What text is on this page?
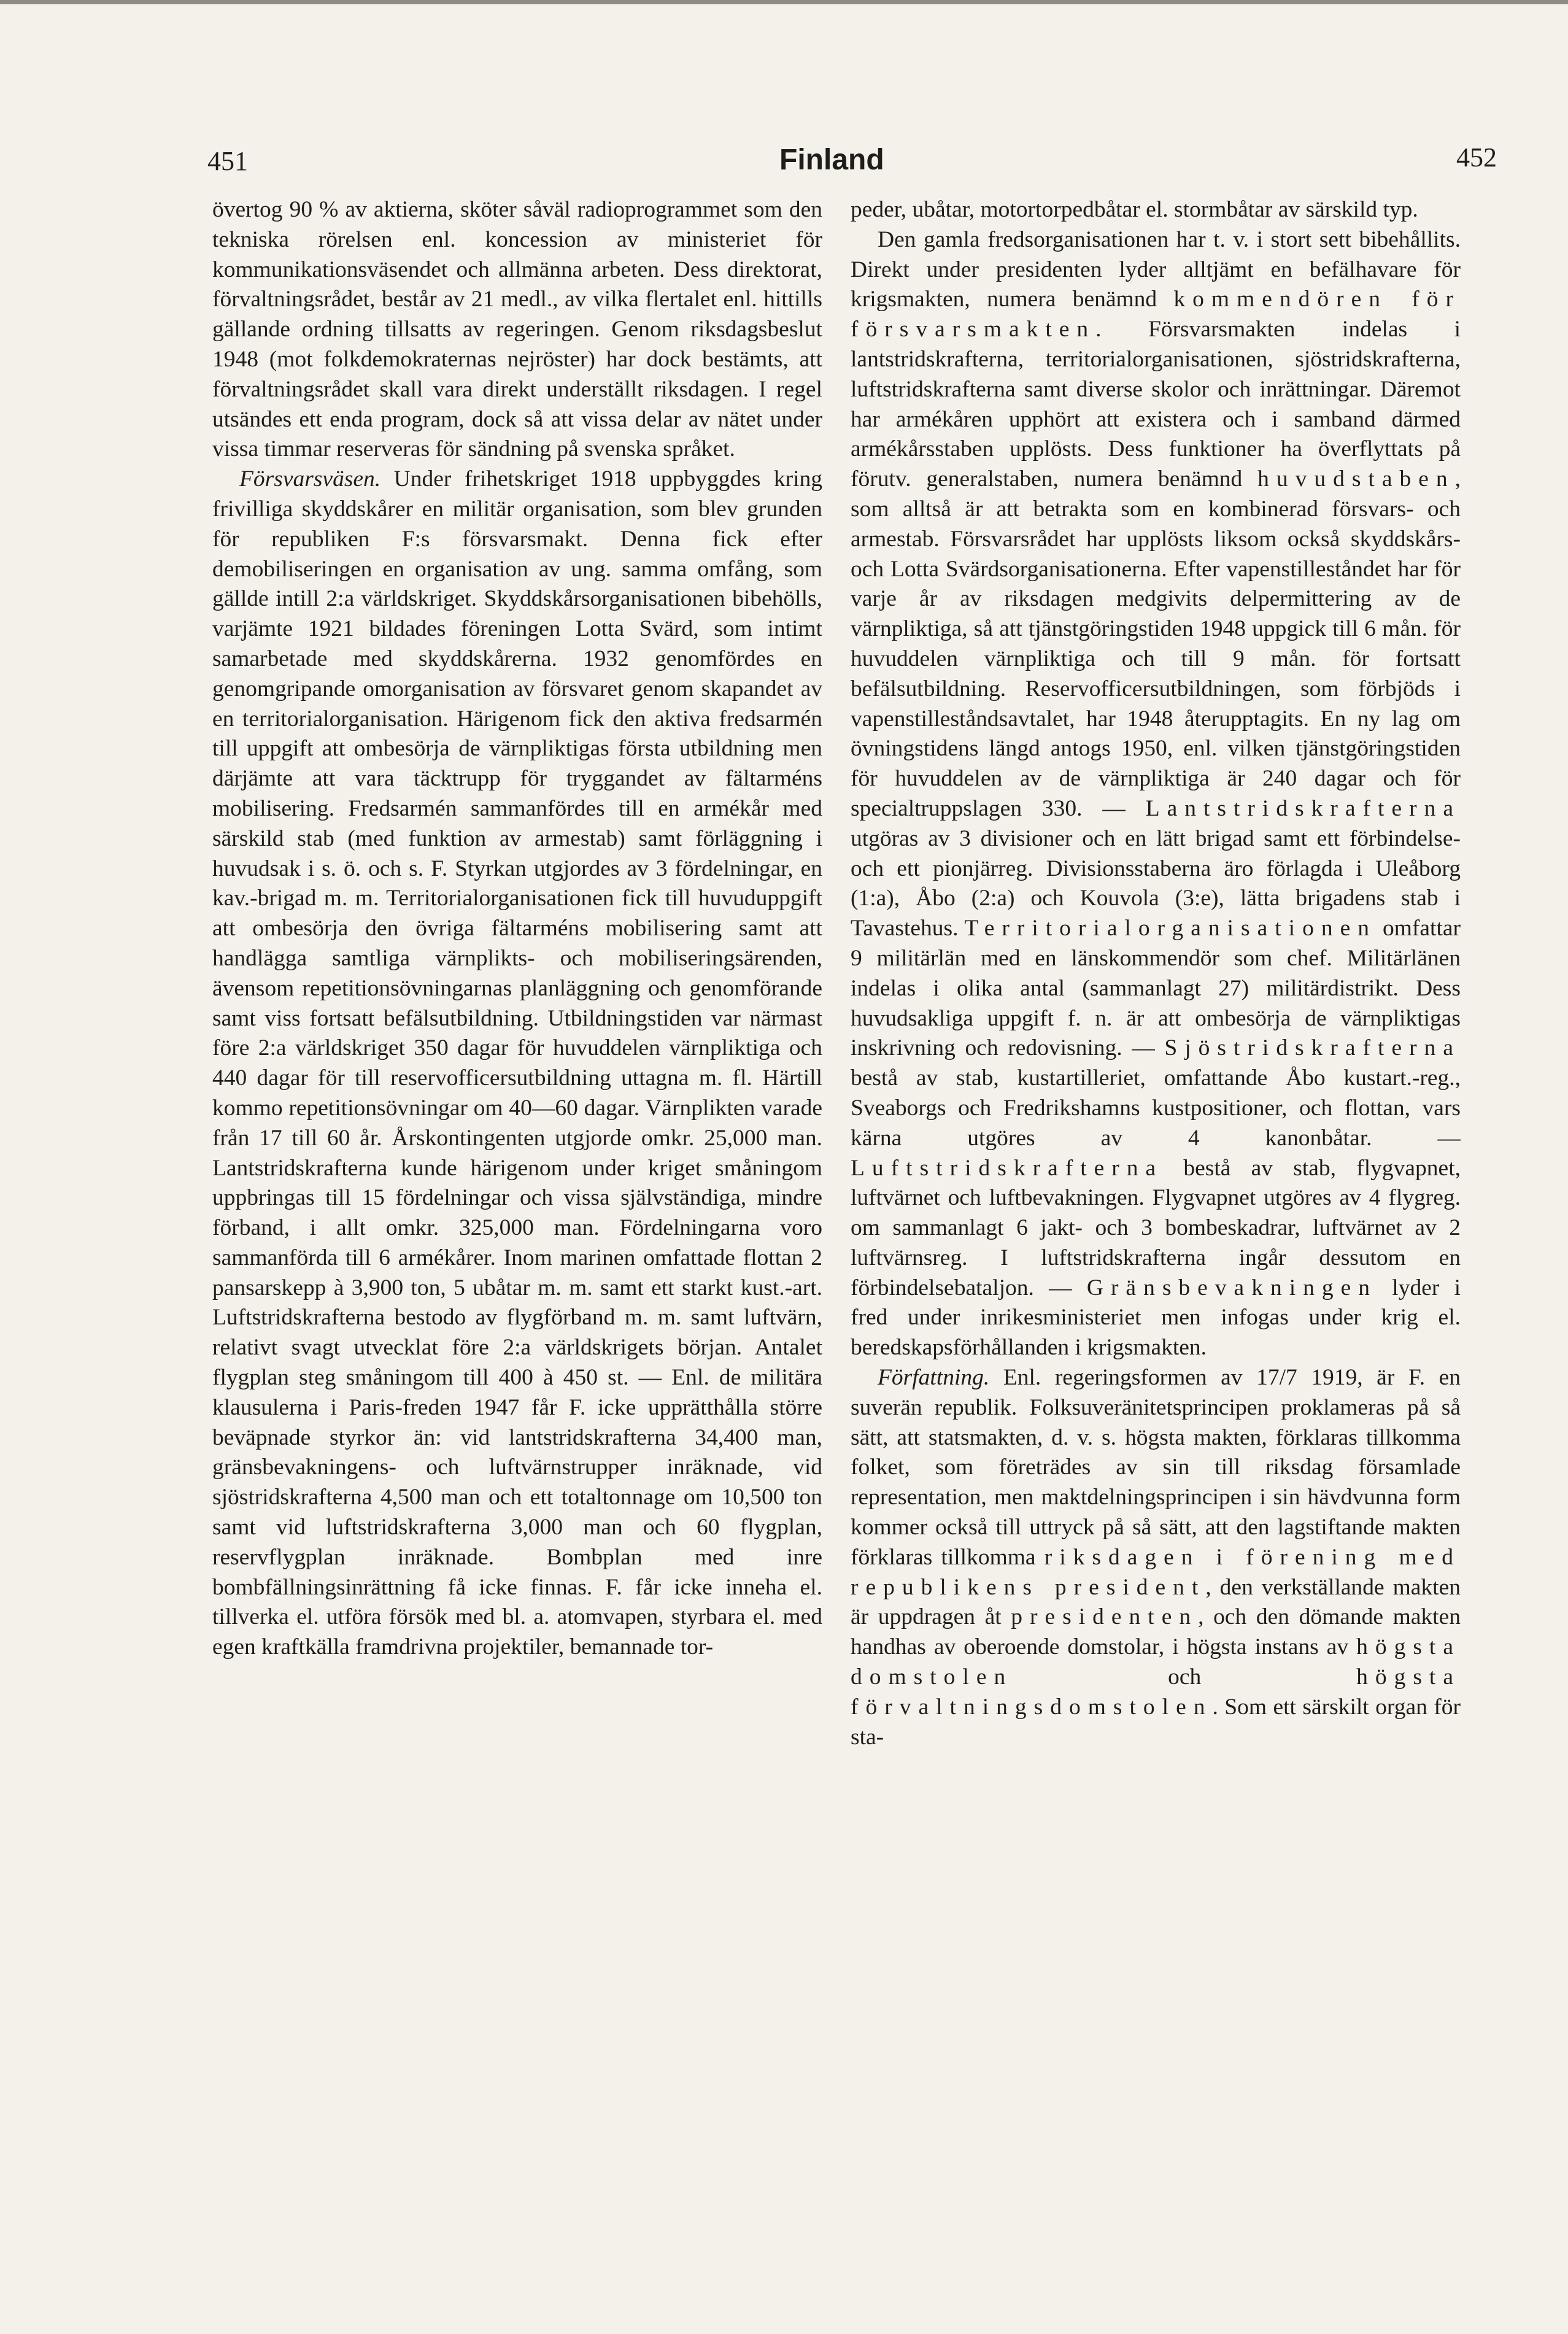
451	Finland	452

övertog 90 % av aktierna, sköter såväl radioprogrammet som den tekniska rörelsen enl. koncession av ministeriet för kommunikationsväsendet och allmänna arbeten. Dess direktorat, förvaltningsrådet, består av 21 medl., av vilka flertalet enl. hittills gällande ordning tillsatts av regeringen. Genom riksdagsbeslut 1948 (mot folkdemokraternas nejröster) har dock bestämts, att förvaltningsrådet skall vara direkt underställt riksdagen. I regel utsändes ett enda program, dock så att vissa delar av nätet under vissa timmar reserveras för sändning på svenska språket.

Försvarsväsen. Under frihetskriget 1918 uppbyggdes kring frivilliga skyddskårer en militär organisation, som blev grunden för republiken F:s försvarsmakt. Denna fick efter demobiliseringen en organisation av ung. samma omfång, som gällde intill 2:a världskriget. Skyddskårsorganisationen bibehölls, varjämte 1921 bildades föreningen Lotta Svärd, som intimt samarbetade med skyddskårerna. 1932 genomfördes en genomgripande omorganisation av försvaret genom skapandet av en territorialorganisation. Härigenom fick den aktiva fredsarmén till uppgift att ombesörja de värnpliktigas första utbildning men därjämte att vara täcktrupp för tryggandet av fältarméns mobilisering. Fredsarmén sammanfördes till en armékår med särskild stab (med funktion av armestab) samt förläggning i huvudsak i s. ö. och s. F. Styrkan utgjordes av 3 fördelningar, en kav.-brigad m. m. Territorialorganisationen fick till huvuduppgift att ombesörja den övriga fältarméns mobilisering samt att handlägga samtliga värnplikts- och mobiliseringsärenden, ävensom repetitionsövningarnas planläggning och genomförande samt viss fortsatt befälsutbildning. Utbildningstiden var närmast före 2:a världskriget 350 dagar för huvuddelen värnpliktiga och 440 dagar för till reservofficersutbildning uttagna m. fl. Härtill kommo repetitionsövningar om 40—60 dagar. Värnplikten varade från 17 till 60 år. Årskontingenten utgjorde omkr. 25,000 man. Lantstridskrafterna kunde härigenom under kriget småningom uppbringas till 15 fördelningar och vissa självständiga, mindre förband, i allt omkr. 325,000 man. Fördelningarna voro sammanförda till 6 armékårer. Inom marinen omfattade flottan 2 pansarskepp à 3,900 ton, 5 ubåtar m. m. samt ett starkt kust.-art. Luftstridskrafterna bestodo av flygförband m. m. samt luftvärn, relativt svagt utvecklat före 2:a världskrigets början. Antalet flygplan steg småningom till 400 à 450 st. — Enl. de militära klausulerna i Paris-freden 1947 får F. icke upprätthålla större beväpnade styrkor än: vid lantstridskrafterna 34,400 man, gränsbevakningens- och luftvärnstrupper inräknade, vid sjöstridskrafterna 4,500 man och ett totaltonnage om 10,500 ton samt vid luftstridskrafterna 3,000 man och 60 flygplan, reservflygplan inräknade. Bombplan med inre bombfällningsinrättning få icke finnas. F. får icke inneha el. tillverka el. utföra försök med bl. a. atomvapen, styrbara el. med egen kraftkälla framdrivna projektiler, bemannade tor-

peder, ubåtar, motortorpedbåtar el. stormbåtar av särskild typ.

Den gamla fredsorganisationen har t. v. i stort sett bibehållits. Direkt under presidenten lyder alltjämt en befälhavare för krigsmakten, numera benämnd kommendören för försvarsmakten. Försvarsmakten indelas i lantstridskrafterna, territorialorganisationen, sjöstridskrafterna, luftstridskrafterna samt diverse skolor och inrättningar. Däremot har armékåren upphört att existera och i samband därmed armékårsstaben upplösts. Dess funktioner ha överflyttats på förutv. generalstaben, numera benämnd huvudstaben, som alltså är att betrakta som en kombinerad försvars- och armestab. Försvarsrådet har upplösts liksom också skyddskårs- och Lotta Svärdsorganisationerna. Efter vapenstilleståndet har för varje år av riksdagen medgivits delpermittering av de värnpliktiga, så att tjänstgöringstiden 1948 uppgick till 6 mån. för huvuddelen värnpliktiga och till 9 mån. för fortsatt befälsutbildning. Reservofficersutbildningen, som förbjöds i vapenstilleståndsavtalet, har 1948 återupptagits. En ny lag om övningstidens längd antogs 1950, enl. vilken tjänstgöringstiden för huvuddelen av de värnpliktiga är 240 dagar och för specialtruppslagen 330. — Lantstridskrafterna utgöras av 3 divisioner och en lätt brigad samt ett förbindelse- och ett pionjärreg. Divisionsstaberna äro förlagda i Uleåborg (1:a), Åbo (2:a) och Kouvola (3:e), lätta brigadens stab i Tavastehus. Territorialorganisationen omfattar 9 militärlän med en länskommendör som chef. Militärlänen indelas i olika antal (sammanlagt 27) militärdistrikt. Dess huvudsakliga uppgift f. n. är att ombesörja de värnpliktigas inskrivning och redovisning. — Sjöstridskrafterna bestå av stab, kustartilleriet, omfattande Åbo kustart.-reg., Sveaborgs och Fredrikshamns kustpositioner, och flottan, vars kärna utgöres av 4 kanonbåtar. — Luftstridskrafterna bestå av stab, flygvapnet, luftvärnet och luftbevakningen. Flygvapnet utgöres av 4 flygreg. om sammanlagt 6 jakt- och 3 bombeskadrar, luftvärnet av 2 luftvärnsreg. I luftstridskrafterna ingår dessutom en förbindelsebataljon. — Gränsbevakningen lyder i fred under inrikesministeriet men infogas under krig el. beredskapsförhållanden i krigsmakten.

Författning. Enl. regeringsformen av 17/7 1919, är F. en suverän republik. Folksuveränitetsprincipen proklameras på så sätt, att statsmakten, d. v. s. högsta makten, förklaras tillkomma folket, som företrädes av sin till riksdag församlade representation, men maktdelningsprincipen i sin hävdvunna form kommer också till uttryck på så sätt, att den lagstiftande makten förklaras tillkomma riksdagen i förening med republikens president, den verkställande makten är uppdragen åt presidenten, och den dömande makten handhas av oberoende domstolar, i högsta instans av högsta domstolen och högsta förvaltningsdomstolen. Som ett särskilt organ för sta-
